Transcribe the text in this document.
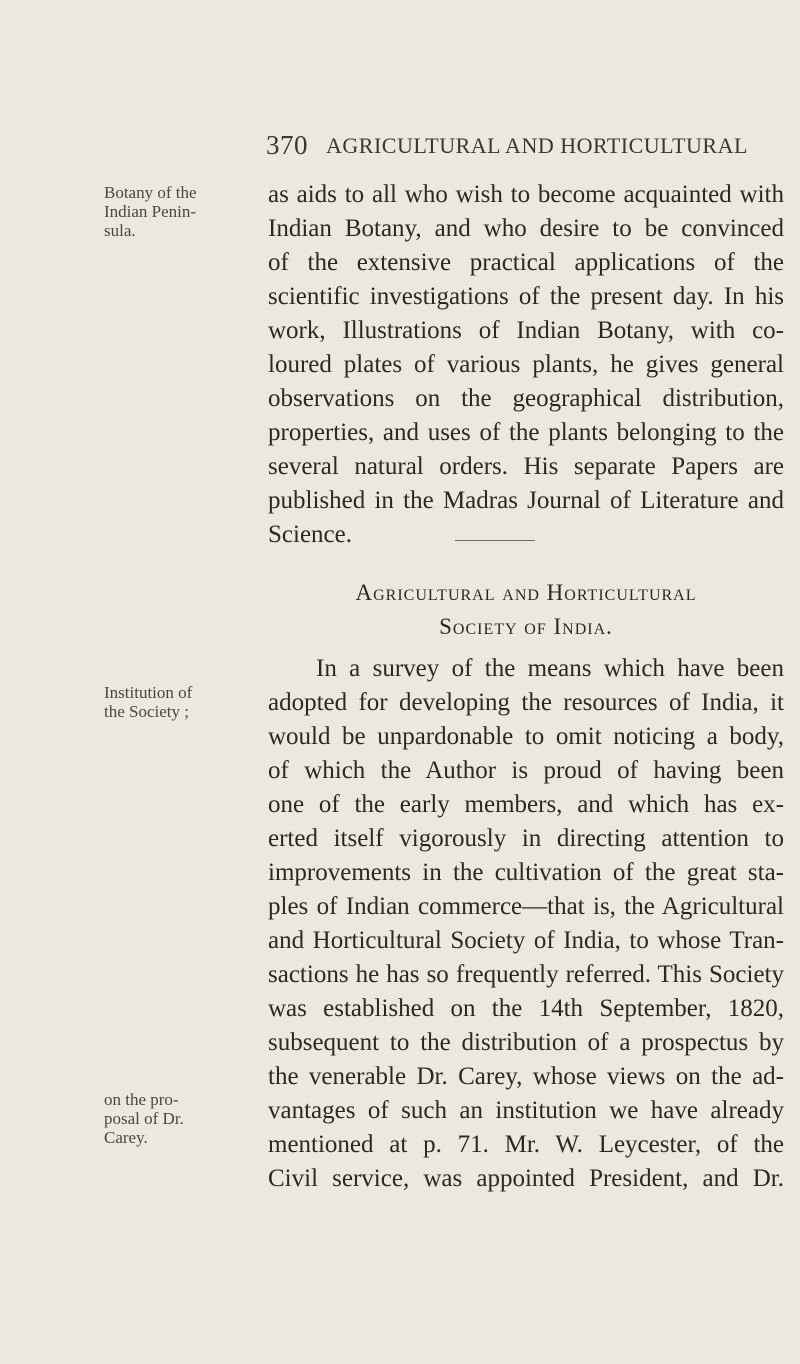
370 AGRICULTURAL AND HORTICULTURAL
Botany of the
Indian Penin-
sula.
Institution of
the Society ;
on the pro-
posal of Dr.
Carey.
as aids to all who wish to become acquainted with
Indian Botany, and who desire to be convinced
of the extensive practical applications of the
scientific investigations of the present day. In his
work, Illustrations of Indian Botany, with co-
loured plates of various plants, he gives general
observations on the geographical distribution,
properties, and uses of the plants belonging to the
several natural orders. His separate Papers are
published in the Madras Journal of Literature and
Science.
Agricultural and Horticultural
Society of India.
In a survey of the means which have been
adopted for developing the resources of India, it
would be unpardonable to omit noticing a body,
of which the Author is proud of having been
one of the early members, and which has ex-
erted itself vigorously in directing attention to
improvements in the cultivation of the great sta-
ples of Indian commerce—that is, the Agricultural
and Horticultural Society of India, to whose Tran-
sactions he has so frequently referred. This Society
was established on the 14th September, 1820,
subsequent to the distribution of a prospectus by
the venerable Dr. Carey, whose views on the ad-
vantages of such an institution we have already
mentioned at p. 71. Mr. W. Leycester, of the
Civil service, was appointed President, and Dr.
